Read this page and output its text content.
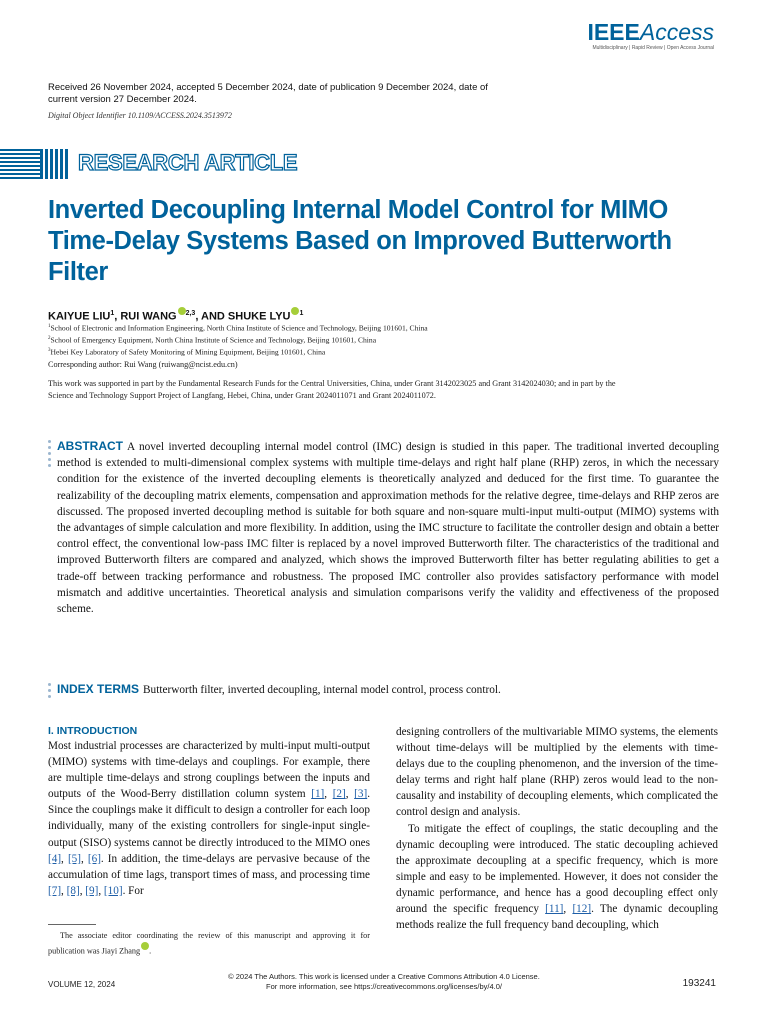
IEEEAccess
Multidisciplinary | Rapid Review | Open Access Journal
Received 26 November 2024, accepted 5 December 2024, date of publication 9 December 2024, date of current version 27 December 2024.
Digital Object Identifier 10.1109/ACCESS.2024.3513972
RESEARCH ARTICLE
Inverted Decoupling Internal Model Control for MIMO Time-Delay Systems Based on Improved Butterworth Filter
KAIYUE LIU$^1$, RUI WANG $^{2,3}$, AND SHUKE LYU $^1$
$^1$School of Electronic and Information Engineering, North China Institute of Science and Technology, Beijing 101601, China
$^2$School of Emergency Equipment, North China Institute of Science and Technology, Beijing 101601, China
$^3$Hebei Key Laboratory of Safety Monitoring of Mining Equipment, Beijing 101601, China
Corresponding author: Rui Wang (ruiwang@ncist.edu.cn)
This work was supported in part by the Fundamental Research Funds for the Central Universities, China, under Grant 3142023025 and Grant 3142024030; and in part by the Science and Technology Support Project of Langfang, Hebei, China, under Grant 2024011071 and Grant 2024011072.
ABSTRACT A novel inverted decoupling internal model control (IMC) design is studied in this paper. The traditional inverted decoupling method is extended to multi-dimensional complex systems with multiple time-delays and right half plane (RHP) zeros, in which the necessary condition for the existence of the inverted decoupling elements is theoretically analyzed and deduced for the first time. To guarantee the realizability of the decoupling matrix elements, compensation and approximation methods for the relative degree, time-delays and RHP zeros are discussed. The proposed inverted decoupling method is suitable for both square and non-square multi-input multi-output (MIMO) systems with the advantages of simple calculation and more flexibility. In addition, using the IMC structure to facilitate the controller design and obtain a better control effect, the conventional low-pass IMC filter is replaced by a novel improved Butterworth filter. The characteristics of the traditional and improved Butterworth filters are compared and analyzed, which shows the improved Butterworth filter has better regulating abilities to get a trade-off between tracking performance and robustness. The proposed IMC controller also provides satisfactory performance with model mismatch and additive uncertainties. Theoretical analysis and simulation comparisons verify the validity and effectiveness of the proposed scheme.
INDEX TERMS Butterworth filter, inverted decoupling, internal model control, process control.
I. INTRODUCTION

Most industrial processes are characterized by multi-input multi-output (MIMO) systems with time-delays and couplings. For example, there are multiple time-delays and strong couplings between the inputs and outputs of the Wood-Berry distillation column system [1], [2], [3]. Since the couplings make it difficult to design a controller for each loop individually, many of the existing controllers for single-input single-output (SISO) systems cannot be directly introduced to the MIMO ones [4], [5], [6]. In addition, the time-delays are pervasive because of the accumulation of time lags, transport times of mass, and processing time [7], [8], [9], [10]. For

The associate editor coordinating the review of this manuscript and approving it for publication was Jiayi Zhang .

designing controllers of the multivariable MIMO systems, the elements without time-delays will be multiplied by the elements with time-delays due to the coupling phenomenon, and the inversion of the time-delay terms and right half plane (RHP) zeros would lead to the non-causality and instability of decoupling elements, which complicated the control design and analysis.

To mitigate the effect of couplings, the static decoupling and the dynamic decoupling were introduced. The static decoupling achieved the approximate decoupling at a specific frequency, which is more simple and easy to be implemented. However, it does not consider the dynamic performance, and hence has a good decoupling effect only around the specific frequency [11], [12]. The dynamic decoupling methods realize the full frequency band decoupling, which

© 2024 The Authors. This work is licensed under a Creative Commons Attribution 4.0 License.
For more information, see https://creativecommons.org/licenses/by/4.0/
VOLUME 12, 2024	193241
